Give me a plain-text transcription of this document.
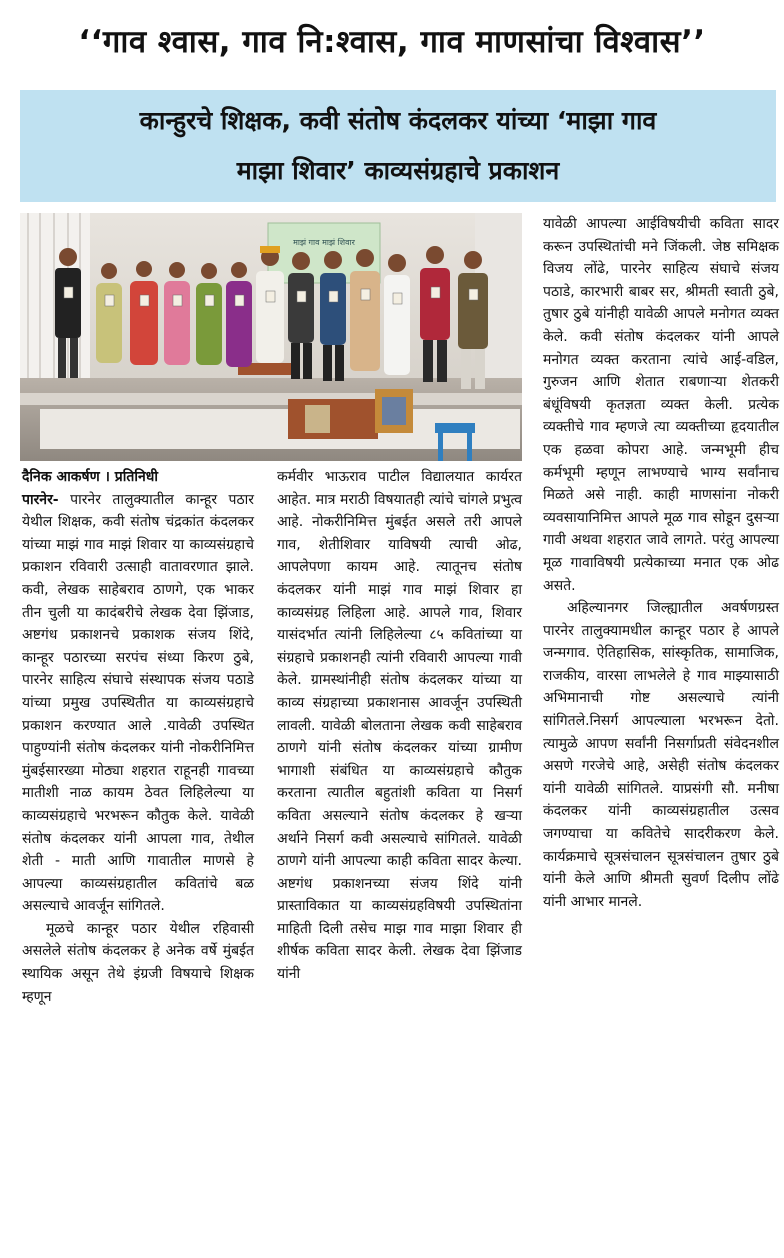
‘‘गाव श्वास, गाव नि:श्वास, गाव माणसांचा विश्वास’’
कान्हुरचे शिक्षक, कवी संतोष कंदलकर यांच्या ‘माझा गाव
माझा शिवार’ काव्यसंग्रहाचे प्रकाशन
माझं गाव माझं शिवार

दैनिक आकर्षण । प्रतिनिधी

पारनेर- पारनेर तालुक्यातील कान्हूर पठार येथील शिक्षक, कवी संतोष चंद्रकांत कंदलकर यांच्या माझं गाव माझं शिवार या काव्यसंग्रहाचे प्रकाशन रविवारी उत्साही वातावरणात झाले. कवी, लेखक साहेबराव ठाणगे, एक भाकर तीन चुली या कादंबरीचे लेखक देवा झिंजाड, अष्टगंध प्रकाशनचे प्रकाशक संजय शिंदे, कान्हूर पठारच्या सरपंच संध्या किरण ठुबे, पारनेर साहित्य संघाचे संस्थापक संजय पठाडे यांच्या प्रमुख उपस्थितीत या काव्यसंग्रहाचे प्रकाशन करण्यात आले .यावेळी उपस्थित पाहुण्यांनी संतोष कंदलकर यांनी नोकरीनिमित्त मुंबईसारख्या मोठ्या शहरात राहूनही गावच्या मातीशी नाळ कायम ठेवत लिहिलेल्या या काव्यसंग्रहाचे भरभरून कौतुक केले. यावेळी संतोष कंदलकर यांनी आपला गाव, तेथील शेती - माती आणि गावातील माणसे हे आपल्या काव्यसंग्रहातील कवितांचे बळ असल्याचे आवर्जून सांगितले.

मूळचे कान्हूर पठार येथील रहिवासी असलेले संतोष कंदलकर हे अनेक वर्षे मुंबईत स्थायिक असून तेथे इंग्रजी विषयाचे शिक्षक म्हणून

कर्मवीर भाऊराव पाटील विद्यालयात कार्यरत आहेत. मात्र मराठी विषयातही त्यांचे चांगले प्रभुत्व आहे. नोकरीनिमित्त मुंबईत असले तरी आपले गाव, शेतीशिवार याविषयी त्याची ओढ, आपलेपणा कायम आहे. त्यातूनच संतोष कंदलकर यांनी माझं गाव माझं शिवार हा काव्यसंग्रह लिहिला आहे. आपले गाव, शिवार यासंदर्भात त्यांनी लिहिलेल्या ८५ कवितांच्या या संग्रहाचे प्रकाशनही त्यांनी रविवारी आपल्या गावी केले. ग्रामस्थांनीही संतोष कंदलकर यांच्या या काव्य संग्रहाच्या प्रकाशनास आवर्जून उपस्थिती लावली. यावेळी बोलताना लेखक कवी साहेबराव ठाणगे यांनी संतोष कंदलकर यांच्या ग्रामीण भागाशी संबंधित या काव्यसंग्रहाचे कौतुक करताना त्यातील बहुतांशी कविता या निसर्ग कविता असल्याने संतोष कंदलकर हे खऱ्या अर्थाने निसर्ग कवी असल्याचे सांगितले. यावेळी ठाणगे यांनी आपल्या काही कविता सादर केल्या. अष्टगंध प्रकाशनच्या संजय शिंदे यांनी प्रास्ताविकात या काव्यसंग्रहविषयी उपस्थितांना माहिती दिली तसेच माझ गाव माझा शिवार ही शीर्षक कविता सादर केली. लेखक देवा झिंजाड यांनी

यावेळी आपल्या आईविषयीची कविता सादर करून उपस्थितांची मने जिंकली. जेष्ठ समिक्षक विजय लोंढे, पारनेर साहित्य संघाचे संजय पठाडे, कारभारी बाबर सर, श्रीमती स्वाती ठुबे, तुषार ठुबे यांनीही यावेळी आपले मनोगत व्यक्त केले. कवी संतोष कंदलकर यांनी आपले मनोगत व्यक्त करताना त्यांचे आई-वडिल, गुरुजन आणि शेतात राबणाऱ्या शेतकरी बंधूंविषयी कृतज्ञता व्यक्त केली. प्रत्येक व्यक्तीचे गाव म्हणजे त्या व्यक्तीच्या हृदयातील एक हळवा कोपरा आहे. जन्मभूमी हीच कर्मभूमी म्हणून लाभण्याचे भाग्य सर्वांनाच मिळते असे नाही. काही माणसांना नोकरी व्यवसायानिमित्त आपले मूळ गाव सोडून दुसऱ्या गावी अथवा शहरात जावे लागते. परंतु आपल्या मूळ गावाविषयी प्रत्येकाच्या मनात एक ओढ असते.

अहिल्यानगर जिल्ह्यातील अवर्षणग्रस्त पारनेर तालुक्यामधील कान्हूर पठार हे आपले जन्मगाव. ऐतिहासिक, सांस्कृतिक, सामाजिक, राजकीय, वारसा लाभलेले हे गाव माझ्यासाठी अभिमानाची गोष्ट असल्याचे त्यांनी सांगितले.निसर्ग आपल्याला भरभरून देतो. त्यामुळे आपण सर्वांनी निसर्गाप्रती संवेदनशील असणे गरजेचे आहे, असेही संतोष कंदलकर यांनी यावेळी सांगितले. याप्रसंगी सौ. मनीषा कंदलकर यांनी काव्यसंग्रहातील उत्सव जगण्याचा या कवितेचे सादरीकरण केले. कार्यक्रमाचे सूत्रसंचालन सूत्रसंचालन तुषार ठुबे यांनी केले आणि श्रीमती सुवर्ण दिलीप लोंढे यांनी आभार मानले.
